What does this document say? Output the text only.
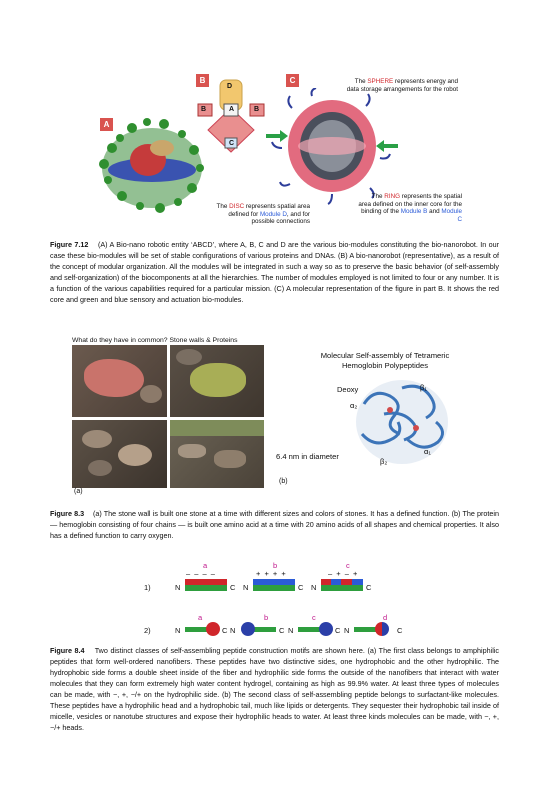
A
B
D
B	A	B
C
C	The SPHERE represents energy and data storage arrangements for the robot
The RING represents the spatial area defined on the inner core for the binding of the Module B and Module C
The DISC represents spatial area defined for Module D, and for possible connections
Figure 7.12 (A) A Bio-nano robotic entity ‘ABCD’, where A, B, C and D are the various bio-modules constituting the bio-nanorobot. In our case these bio-modules will be set of stable configurations of various proteins and DNAs. (B) A bio-nanorobot (representative), as a result of the concept of modular organization. All the modules will be integrated in such a way so as to preserve the basic behavior (of self-assembly and self-organization) of the biocomponents at all the hierarchies. The number of modules employed is not limited to four or any number. It is a function of the various capabilities required for a particular mission. (C) A molecular representation of the figure in part B. It shows the red core and green and blue sensory and actuation bio-modules.
What do they have in common? Stone walls & Proteins
(a)
Molecular Self-assembly of Tetrameric
Hemoglobin Polypeptides
Deoxy	β₁
α₂
α₁
β₂
6.4 nm in diameter
(b)
Figure 8.3 (a) The stone wall is built one stone at a time with different sizes and colors of stones. It has a defined function. (b) The protein — hemoglobin consisting of four chains — is built one amino acid at a time with 20 amino acids of all shapes and chemical properties. It also has a defined function to carry oxygen.
1)
a
– – – –
N	C
b
+ + + +
N	C
c
– + – +
N	C
2)
a
N	C
b
N	C
c
N	C
d
N	C
Figure 8.4 Two distinct classes of self-assembling peptide construction motifs are shown here. (a) The first class belongs to amphiphilic peptides that form well-ordered nanofibers. These peptides have two distinctive sides, one hydrophobic and the other hydrophilic. The hydrophobic side forms a double sheet inside of the fiber and hydrophilic side forms the outside of the nanofibers that interact with water molecules that they can form extremely high water content hydrogel, containing as high as 99.9% water. At least three types of molecules can be made, with −, +, −/+ on the hydrophilic side. (b) The second class of self-assembling peptide belongs to surfactant-like molecules. These peptides have a hydrophilic head and a hydrophobic tail, much like lipids or detergents. They sequester their hydrophobic tail inside of micelle, vesicles or nanotube structures and expose their hydrophilic heads to water. At least three kinds molecules can be made, with −, +, −/+ heads.
